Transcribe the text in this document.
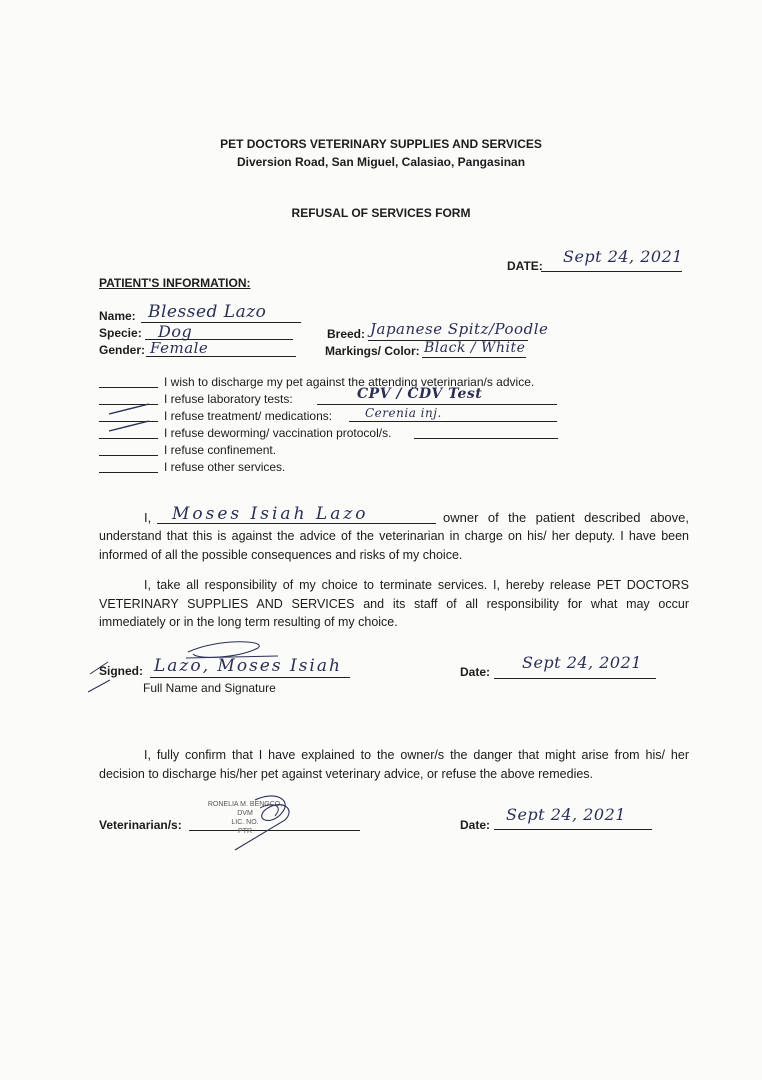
PET DOCTORS VETERINARY SUPPLIES AND SERVICES
Diversion Road, San Miguel, Calasiao, Pangasinan
REFUSAL OF SERVICES FORM
DATE: Sept 24, 2021
PATIENT'S INFORMATION:
Name: Blessed Lazo
Specie: Dog
Gender: Female
Breed: Japanese Spitz/Poodle
Markings/ Color: Black / White
I wish to discharge my pet against the attending veterinarian/s advice.
I refuse laboratory tests:	CPV / CDV Test
I refuse treatment/ medications:	Cerenia inj.
I refuse deworming/ vaccination protocol/s.
I refuse confinement.
I refuse other services.
I, Moses Isiah Lazo	owner of the patient described above,
understand that this is against the advice of the veterinarian in charge on his/ her deputy. I have been informed of all the possible consequences and risks of my choice.
I, take all responsibility of my choice to terminate services. I, hereby release PET DOCTORS VETERINARY SUPPLIES AND SERVICES and its staff of all responsibility for what may occur immediately or in the long term resulting of my choice.
Signed: Lazo, Moses Isiah
Full Name and Signature
Date: Sept 24, 2021
I, fully confirm that I have explained to the owner/s the danger that might arise from his/ her decision to discharge his/her pet against veterinary advice, or refuse the above remedies.
Veterinarian/s:
RONELIA M. BENGCO, DVM
LIC. NO.
PTR	Date:
Sept 24, 2021
